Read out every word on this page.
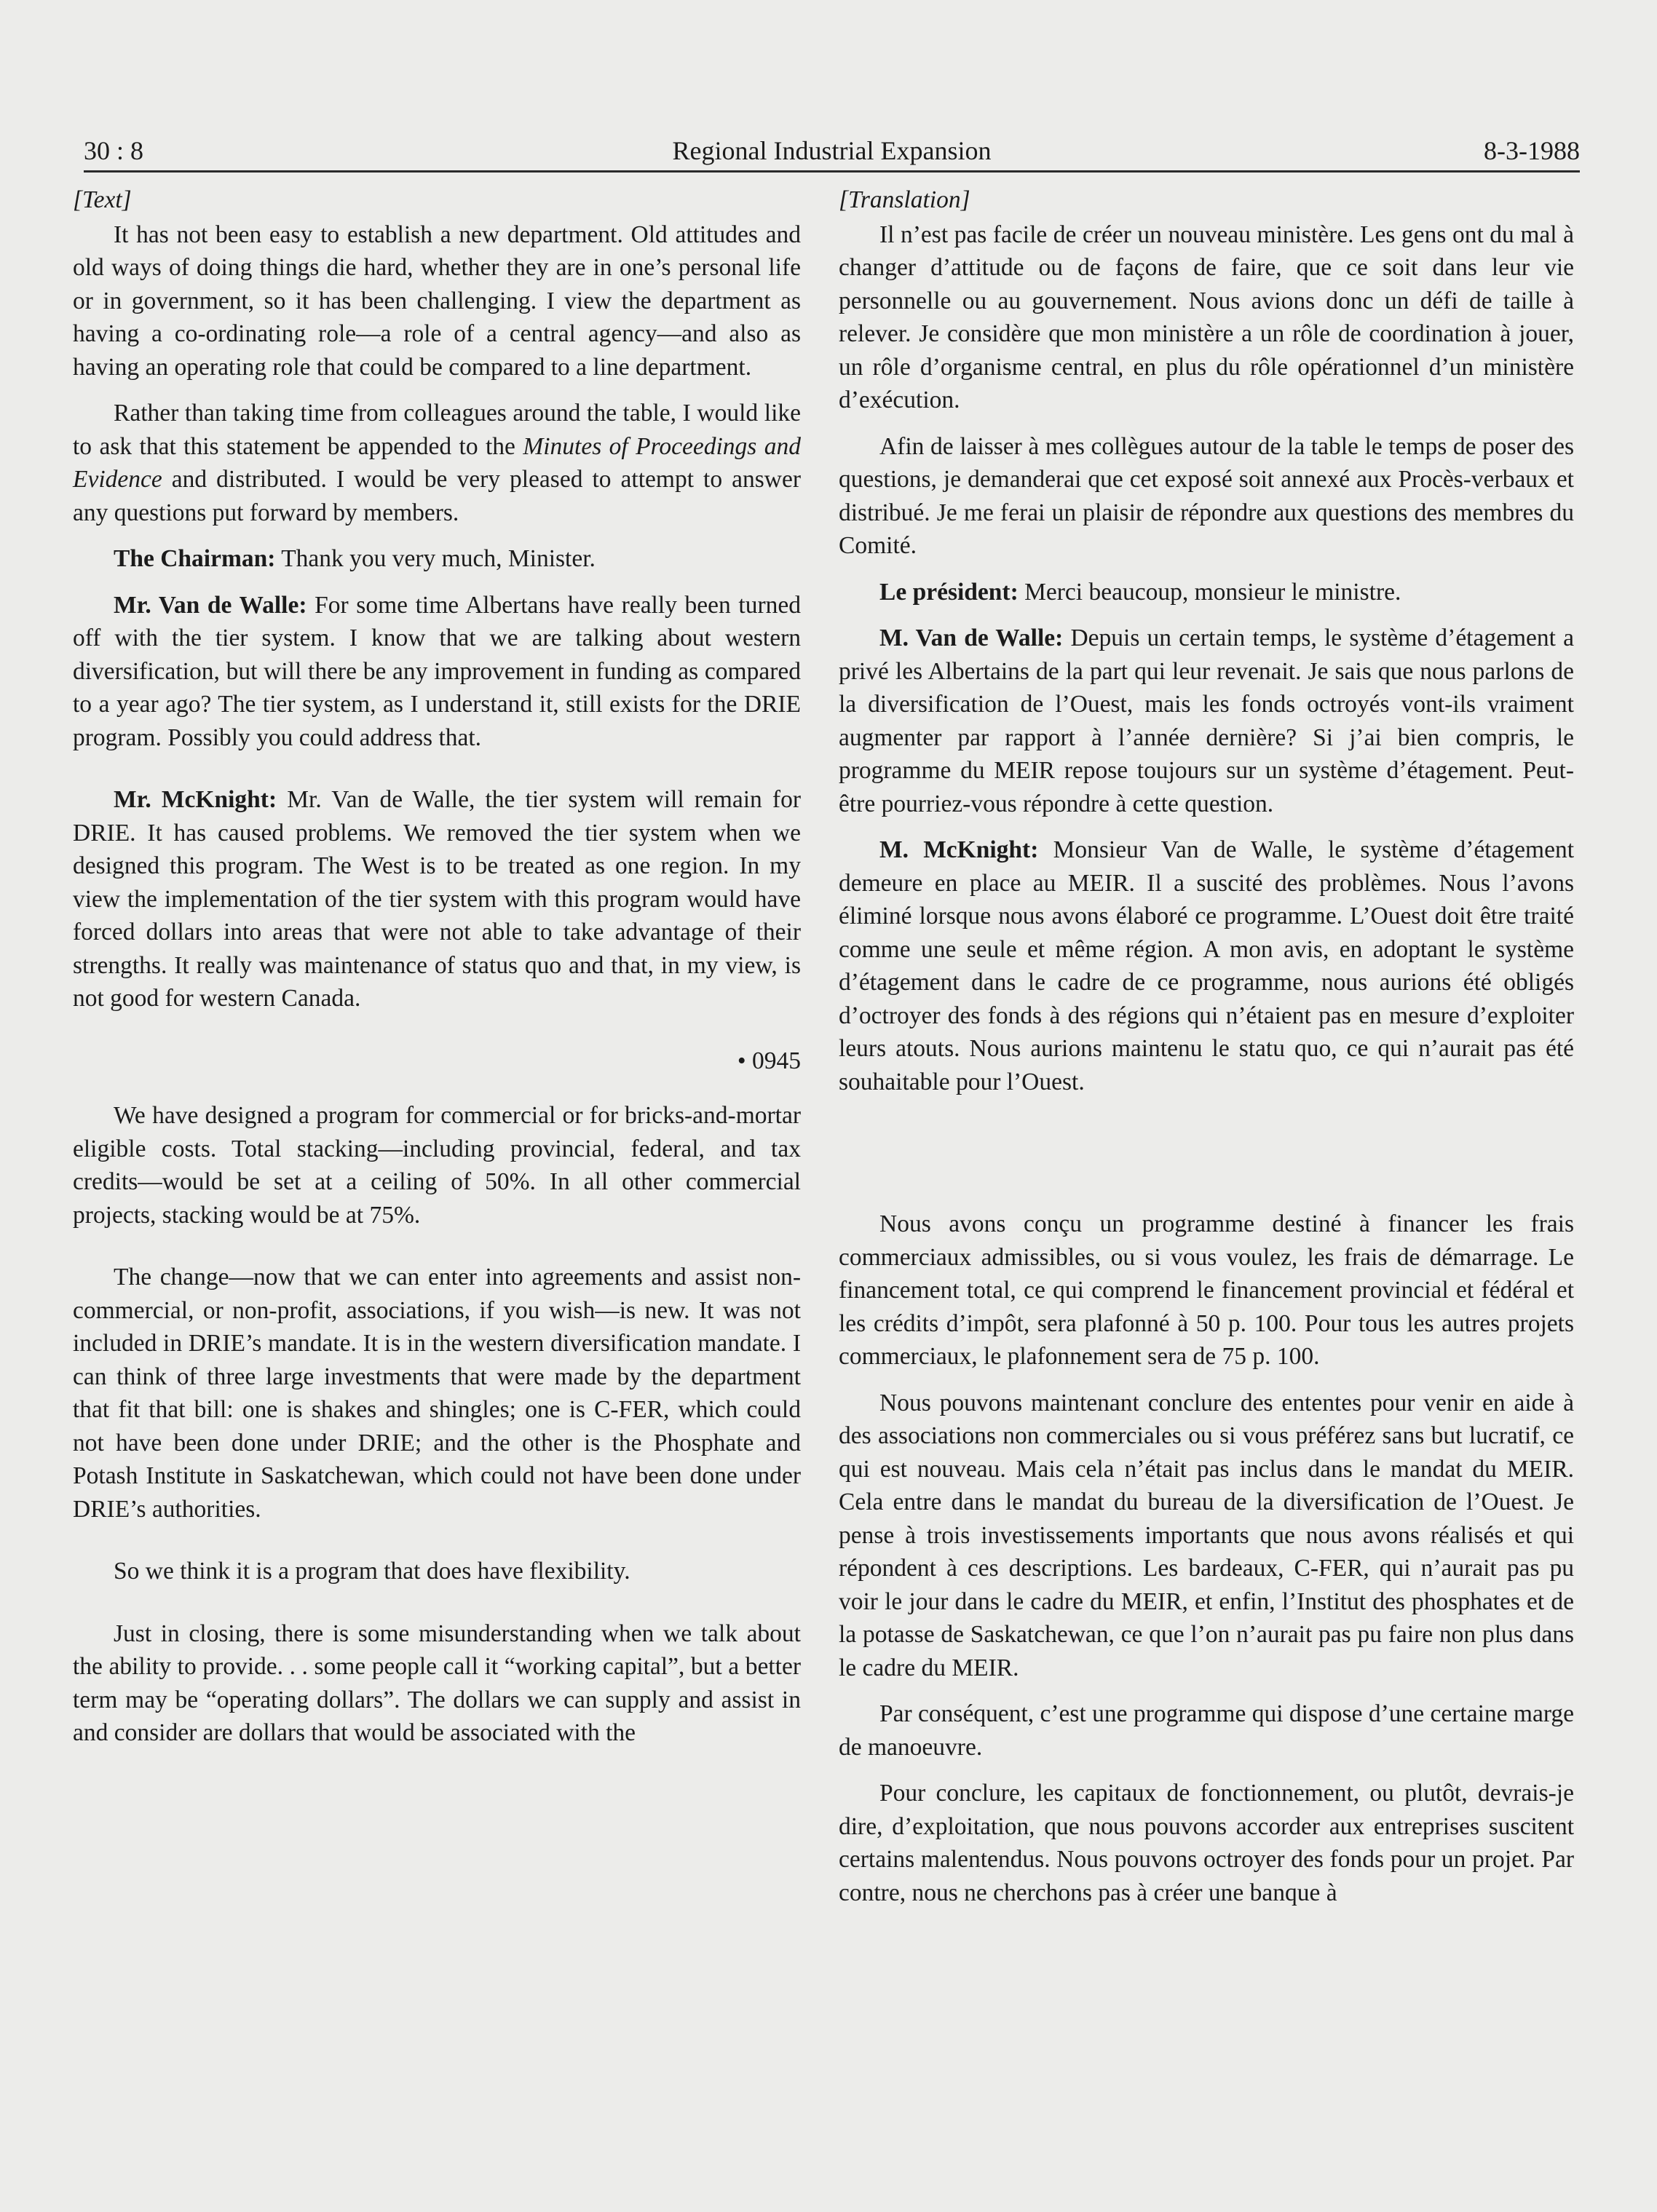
30 : 8	Regional Industrial Expansion	8-3-1988

[Text]

It has not been easy to establish a new department. Old attitudes and old ways of doing things die hard, whether they are in one’s personal life or in government, so it has been challenging. I view the department as having a co-ordinating role—a role of a central agency—and also as having an operating role that could be compared to a line department.

Rather than taking time from colleagues around the table, I would like to ask that this statement be appended to the Minutes of Proceedings and Evidence and distributed. I would be very pleased to attempt to answer any questions put forward by members.

The Chairman: Thank you very much, Minister.

Mr. Van de Walle: For some time Albertans have really been turned off with the tier system. I know that we are talking about western diversification, but will there be any improvement in funding as compared to a year ago? The tier system, as I understand it, still exists for the DRIE program. Possibly you could address that.

Mr. McKnight: Mr. Van de Walle, the tier system will remain for DRIE. It has caused problems. We removed the tier system when we designed this program. The West is to be treated as one region. In my view the implementation of the tier system with this program would have forced dollars into areas that were not able to take advantage of their strengths. It really was maintenance of status quo and that, in my view, is not good for western Canada.

• 0945

We have designed a program for commercial or for bricks-and-mortar eligible costs. Total stacking—including provincial, federal, and tax credits—would be set at a ceiling of 50%. In all other commercial projects, stacking would be at 75%.

The change—now that we can enter into agreements and assist non-commercial, or non-profit, associations, if you wish—is new. It was not included in DRIE’s mandate. It is in the western diversification mandate. I can think of three large investments that were made by the department that fit that bill: one is shakes and shingles; one is C-FER, which could not have been done under DRIE; and the other is the Phosphate and Potash Institute in Saskatchewan, which could not have been done under DRIE’s authorities.

So we think it is a program that does have flexibility.

Just in closing, there is some misunderstanding when we talk about the ability to provide. . . some people call it “working capital”, but a better term may be “operating dollars”. The dollars we can supply and assist in and consider are dollars that would be associated with the

[Translation]

Il n’est pas facile de créer un nouveau ministère. Les gens ont du mal à changer d’attitude ou de façons de faire, que ce soit dans leur vie personnelle ou au gouvernement. Nous avions donc un défi de taille à relever. Je considère que mon ministère a un rôle de coordination à jouer, un rôle d’organisme central, en plus du rôle opérationnel d’un ministère d’exécution.

Afin de laisser à mes collègues autour de la table le temps de poser des questions, je demanderai que cet exposé soit annexé aux Procès-verbaux et distribué. Je me ferai un plaisir de répondre aux questions des membres du Comité.

Le président: Merci beaucoup, monsieur le ministre.

M. Van de Walle: Depuis un certain temps, le système d’étagement a privé les Albertains de la part qui leur revenait. Je sais que nous parlons de la diversification de l’Ouest, mais les fonds octroyés vont-ils vraiment augmenter par rapport à l’année dernière? Si j’ai bien compris, le programme du MEIR repose toujours sur un système d’étagement. Peut-être pourriez-vous répondre à cette question.

M. McKnight: Monsieur Van de Walle, le système d’étagement demeure en place au MEIR. Il a suscité des problèmes. Nous l’avons éliminé lorsque nous avons élaboré ce programme. L’Ouest doit être traité comme une seule et même région. A mon avis, en adoptant le système d’étagement dans le cadre de ce programme, nous aurions été obligés d’octroyer des fonds à des régions qui n’étaient pas en mesure d’exploiter leurs atouts. Nous aurions maintenu le statu quo, ce qui n’aurait pas été souhaitable pour l’Ouest.

Nous avons conçu un programme destiné à financer les frais commerciaux admissibles, ou si vous voulez, les frais de démarrage. Le financement total, ce qui comprend le financement provincial et fédéral et les crédits d’impôt, sera plafonné à 50 p. 100. Pour tous les autres projets commerciaux, le plafonnement sera de 75 p. 100.

Nous pouvons maintenant conclure des ententes pour venir en aide à des associations non commerciales ou si vous préférez sans but lucratif, ce qui est nouveau. Mais cela n’était pas inclus dans le mandat du MEIR. Cela entre dans le mandat du bureau de la diversification de l’Ouest. Je pense à trois investissements importants que nous avons réalisés et qui répondent à ces descriptions. Les bardeaux, C-FER, qui n’aurait pas pu voir le jour dans le cadre du MEIR, et enfin, l’Institut des phosphates et de la potasse de Saskatchewan, ce que l’on n’aurait pas pu faire non plus dans le cadre du MEIR.

Par conséquent, c’est une programme qui dispose d’une certaine marge de manoeuvre.

Pour conclure, les capitaux de fonctionnement, ou plutôt, devrais-je dire, d’exploitation, que nous pouvons accorder aux entreprises suscitent certains malentendus. Nous pouvons octroyer des fonds pour un projet. Par contre, nous ne cherchons pas à créer une banque à
